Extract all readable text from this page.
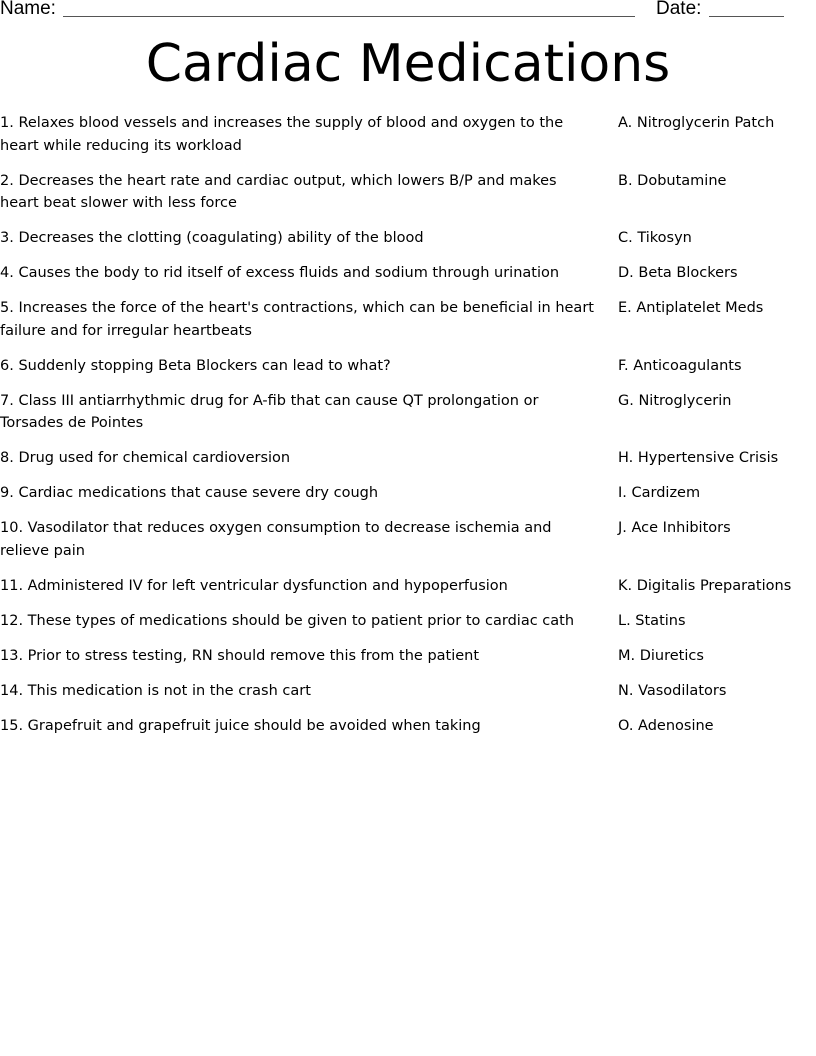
Name:	Date:
Cardiac Medications
1. Relaxes blood vessels and increases the supply of blood and oxygen to the heart while reducing its workload
A. Nitroglycerin Patch
2. Decreases the heart rate and cardiac output, which lowers B/P and makes heart beat slower with less force
B. Dobutamine
3. Decreases the clotting (coagulating) ability of the blood	C. Tikosyn
4. Causes the body to rid itself of excess fluids and sodium through urination	D. Beta Blockers
5. Increases the force of the heart's contractions, which can be beneficial in heart failure and for irregular heartbeats
E. Antiplatelet Meds
6. Suddenly stopping Beta Blockers can lead to what?	F. Anticoagulants
7. Class III antiarrhythmic drug for A-fib that can cause QT prolongation or Torsades de Pointes
G. Nitroglycerin
8. Drug used for chemical cardioversion	H. Hypertensive Crisis
9. Cardiac medications that cause severe dry cough	I. Cardizem
10. Vasodilator that reduces oxygen consumption to decrease ischemia and relieve pain
J. Ace Inhibitors
11. Administered IV for left ventricular dysfunction and hypoperfusion	K. Digitalis Preparations
12. These types of medications should be given to patient prior to cardiac cath	L. Statins
13. Prior to stress testing, RN should remove this from the patient	M. Diuretics
14. This medication is not in the crash cart	N. Vasodilators
15. Grapefruit and grapefruit juice should be avoided when taking	O. Adenosine
